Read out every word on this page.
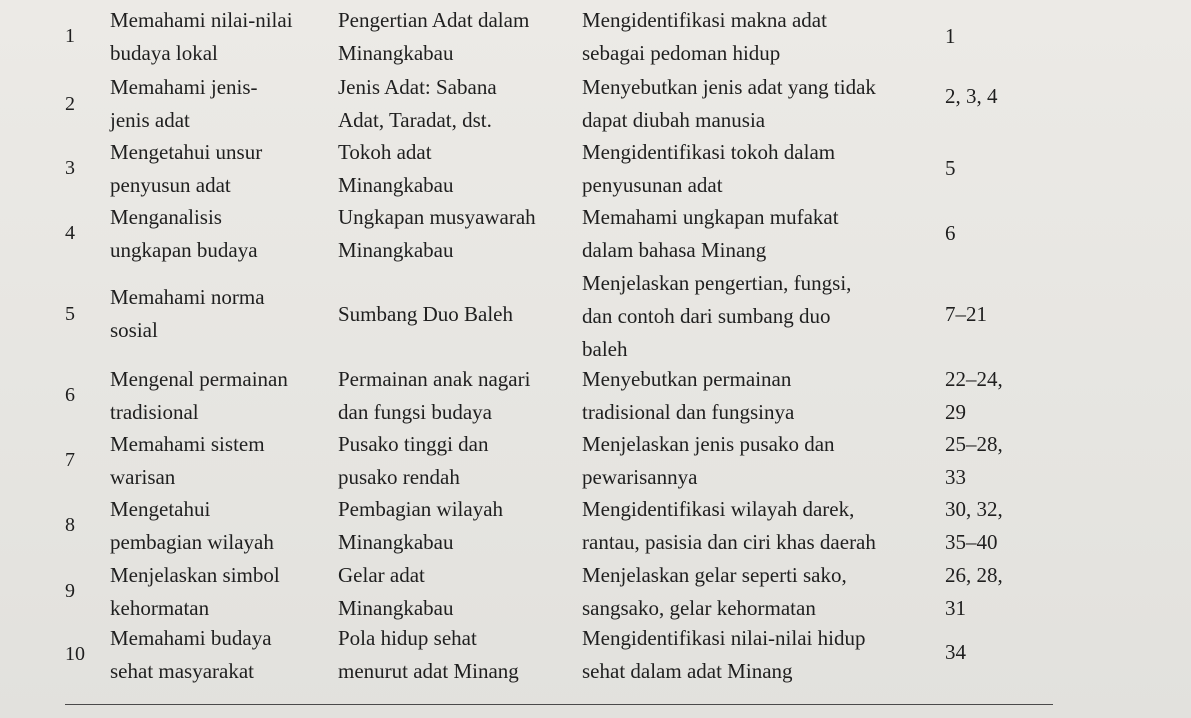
1
Memahami nilai-nilai
budaya lokal
Pengertian Adat dalam
Minangkabau
Mengidentifikasi makna adat
sebagai pedoman hidup
1
2
Memahami jenis-
jenis adat
Jenis Adat: Sabana
Adat, Taradat, dst.
Menyebutkan jenis adat yang tidak
dapat diubah manusia
2, 3, 4
3
Mengetahui unsur
penyusun adat
Tokoh adat
Minangkabau
Mengidentifikasi tokoh dalam
penyusunan adat
5
4
Menganalisis
ungkapan budaya
Ungkapan musyawarah
Minangkabau
Memahami ungkapan mufakat
dalam bahasa Minang
6
5
Memahami norma
sosial
Sumbang Duo Baleh
Menjelaskan pengertian, fungsi,
dan contoh dari sumbang duo
baleh
7–21
6
Mengenal permainan
tradisional
Permainan anak nagari
dan fungsi budaya
Menyebutkan permainan
tradisional dan fungsinya
22–24,
29
7
Memahami sistem
warisan
Pusako tinggi dan
pusako rendah
Menjelaskan jenis pusako dan
pewarisannya
25–28,
33
8
Mengetahui
pembagian wilayah
Pembagian wilayah
Minangkabau
Mengidentifikasi wilayah darek,
rantau, pasisia dan ciri khas daerah
30, 32,
35–40
9
Menjelaskan simbol
kehormatan
Gelar adat
Minangkabau
Menjelaskan gelar seperti sako,
sangsako, gelar kehormatan
26, 28,
31
10
Memahami budaya
sehat masyarakat
Pola hidup sehat
menurut adat Minang
Mengidentifikasi nilai-nilai hidup
sehat dalam adat Minang
34
